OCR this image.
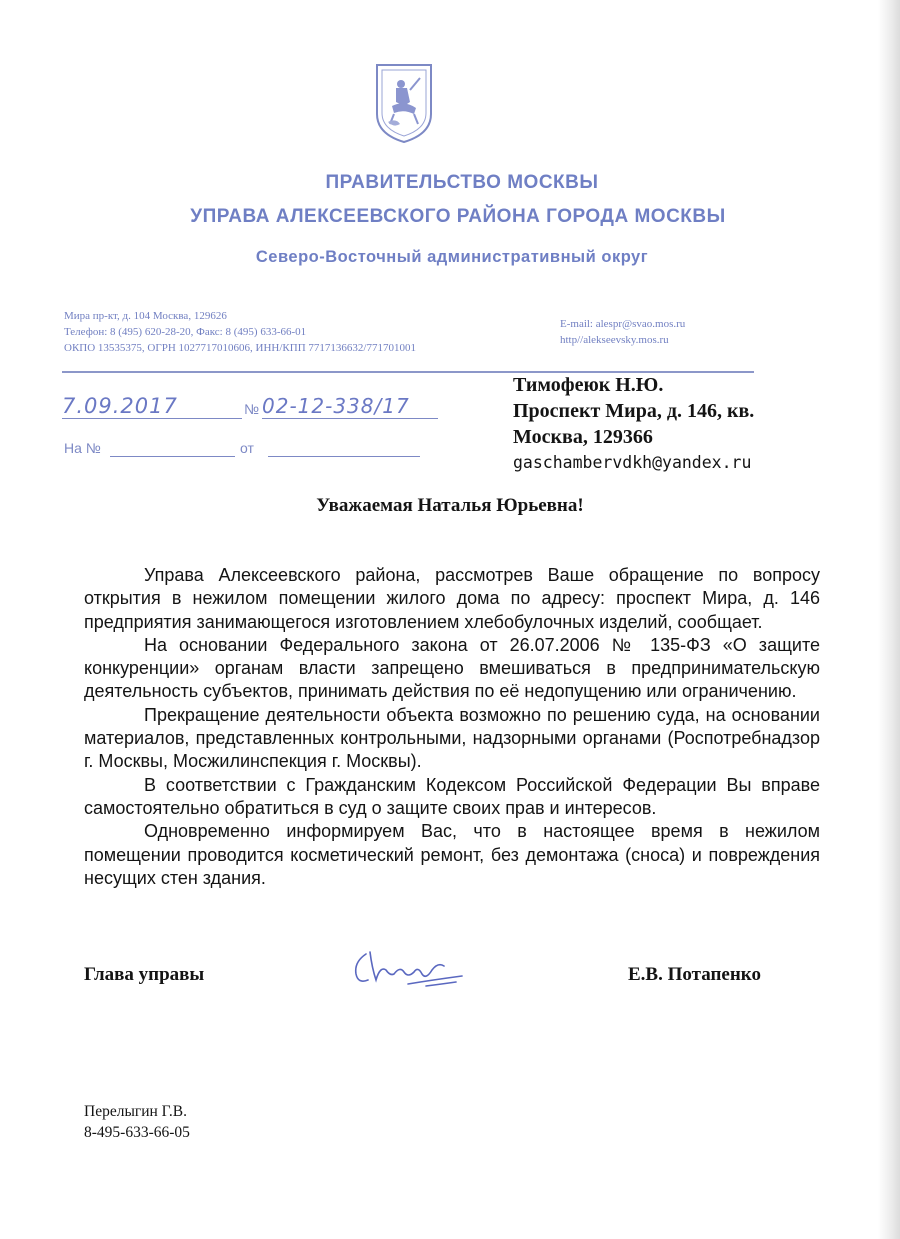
ПРАВИТЕЛЬСТВО МОСКВЫ
УПРАВА АЛЕКСЕЕВСКОГО РАЙОНА ГОРОДА МОСКВЫ
Северо-Восточный административный округ
Мира пр-кт, д. 104 Москва, 129626
Телефон: 8 (495) 620-28-20, Факс: 8 (495) 633-66-01
ОКПО 13535375, ОГРН 1027717010606, ИНН/КПП 7717136632/771701001
E-mail: alespr@svao.mos.ru
http//alekseevsky.mos.ru
7.09.2017	№ 02-12-338/17
На №	от
Тимофеюк Н.Ю.
Проспект Мира, д. 146, кв.
Москва, 129366
gaschambervdkh@yandex.ru
Уважаемая Наталья Юрьевна!

Управа Алексеевского района, рассмотрев Ваше обращение по вопросу открытия в нежилом помещении жилого дома по адресу: проспект Мира, д. 146 предприятия занимающегося изготовлением хлебобулочных изделий, сообщает.

На основании Федерального закона от 26.07.2006 № 135-ФЗ «О защите конкуренции» органам власти запрещено вмешиваться в предпринимательскую деятельность субъектов, принимать действия по её недопущению или ограничению.

Прекращение деятельности объекта возможно по решению суда, на основании материалов, представленных контрольными, надзорными органами (Роспотребнадзор г. Москвы, Мосжилинспекция г. Москвы).

В соответствии с Гражданским Кодексом Российской Федерации Вы вправе самостоятельно обратиться в суд о защите своих прав и интересов.

Одновременно информируем Вас, что в настоящее время в нежилом помещении проводится косметический ремонт, без демонтажа (сноса) и повреждения несущих стен здания.

Глава управы	Е.В. Потапенко
Перелыгин Г.В.
8-495-633-66-05
